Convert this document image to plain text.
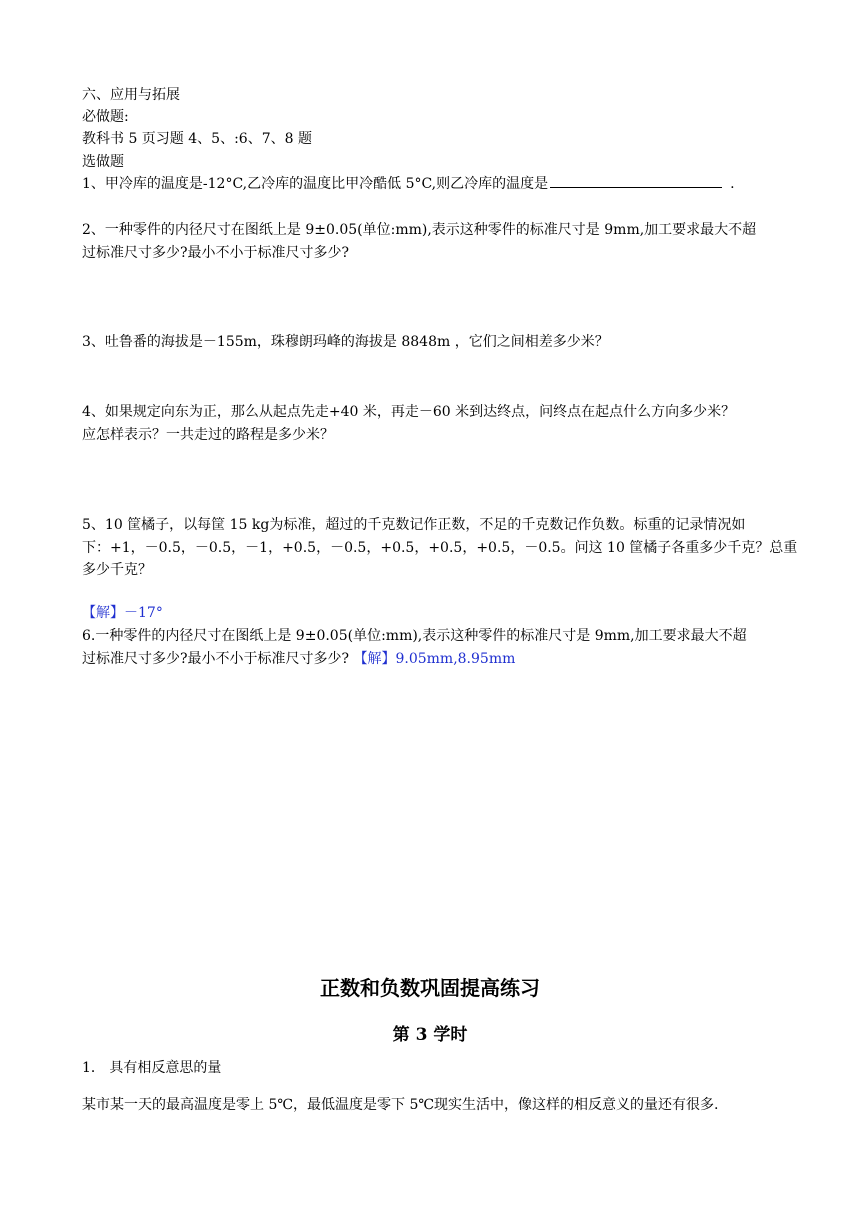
六、应用与拓展
必做题:
教科书 5 页习题 4、5、:6、7、8 题
选做题
1、甲冷库的温度是-12°C,乙冷库的温度比甲冷酷低 5°C,则乙冷库的温度是	.
2、一种零件的内径尺寸在图纸上是 9±0.05(单位:mm),表示这种零件的标准尺寸是 9mm,加工要求最大不超
过标准尺寸多少?最小不小于标准尺寸多少?
3、吐鲁番的海拔是－155m，珠穆朗玛峰的海拔是 8848m ，它们之间相差多少米？
4、如果规定向东为正，那么从起点先走+40 米，再走－60 米到达终点，问终点在起点什么方向多少米？
应怎样表示？一共走过的路程是多少米？
5、10 筐橘子，以每筐 15 kg为标准，超过的千克数记作正数，不足的千克数记作负数。标重的记录情况如
下：+1，－0.5，－0.5，－1，+0.5，－0.5，+0.5，+0.5，+0.5，－0.5。问这 10 筐橘子各重多少千克？总重
多少千克？
【解】－17°
6.一种零件的内径尺寸在图纸上是 9±0.05(单位:mm),表示这种零件的标准尺寸是 9mm,加工要求最大不超
过标准尺寸多少?最小不小于标准尺寸多少? 【解】9.05mm,8.95mm
正数和负数巩固提高练习
第 3 学时
1． 具有相反意思的量
某市某一天的最高温度是零上 5℃，最低温度是零下 5℃现实生活中，像这样的相反意义的量还有很多.
